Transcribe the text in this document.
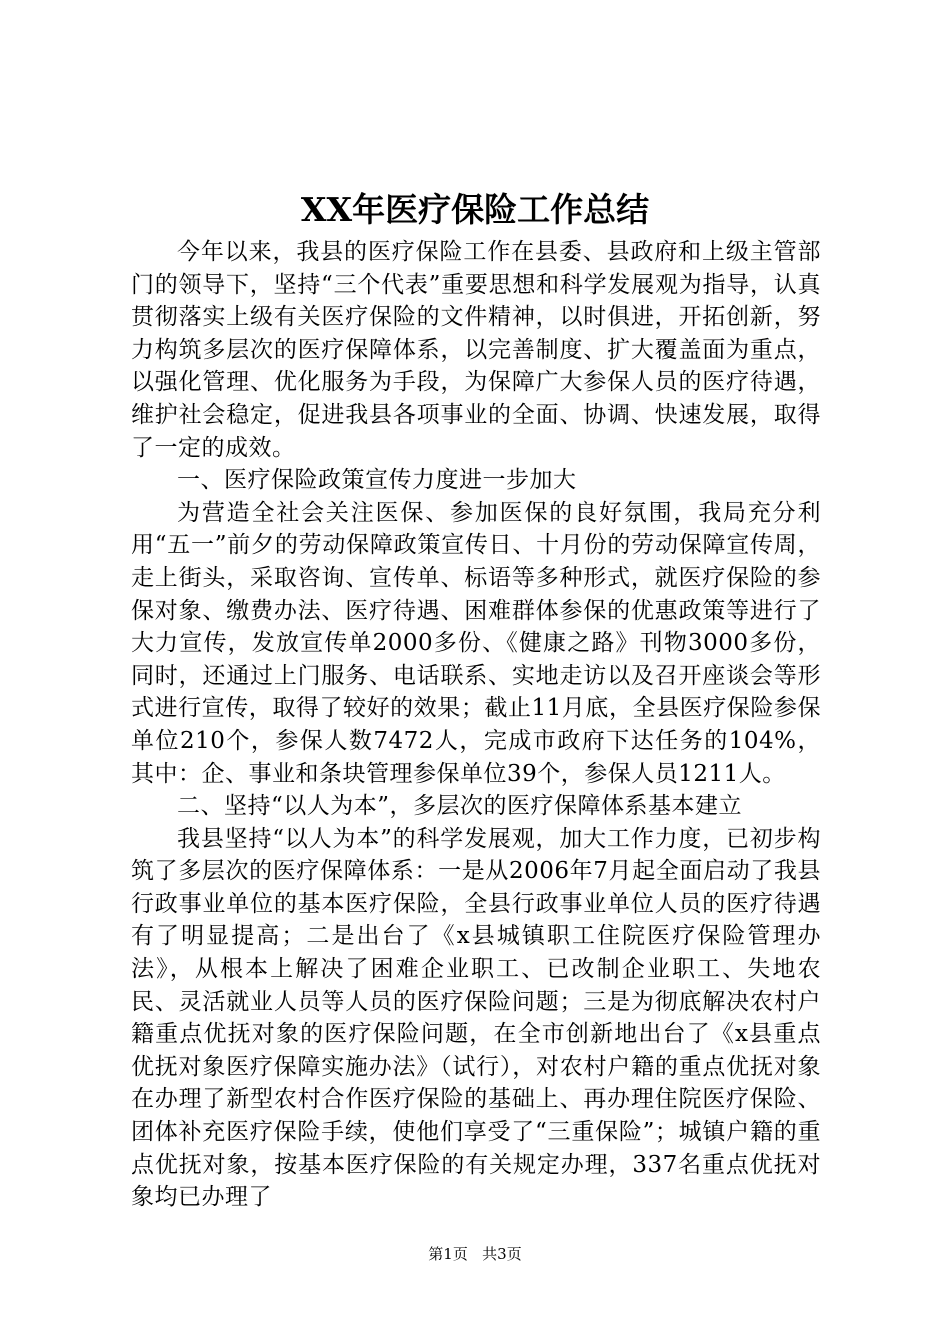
XX年医疗保险工作总结

今年以来，我县的医疗保险工作在县委、县政府和上级主管部门的领导下，坚持“三个代表”重要思想和科学发展观为指导，认真贯彻落实上级有关医疗保险的文件精神，以时俱进，开拓创新，努力构筑多层次的医疗保障体系，以完善制度、扩大覆盖面为重点，以强化管理、优化服务为手段，为保障广大参保人员的医疗待遇，维护社会稳定，促进我县各项事业的全面、协调、快速发展，取得了一定的成效。

一、医疗保险政策宣传力度进一步加大

为营造全社会关注医保、参加医保的良好氛围，我局充分利用“五一”前夕的劳动保障政策宣传日、十月份的劳动保障宣传周，走上街头，采取咨询、宣传单、标语等多种形式，就医疗保险的参保对象、缴费办法、医疗待遇、困难群体参保的优惠政策等进行了大力宣传，发放宣传单2000多份、《健康之路》刊物3000多份，同时，还通过上门服务、电话联系、实地走访以及召开座谈会等形式进行宣传，取得了较好的效果；截止11月底，全县医疗保险参保单位210个，参保人数7472人，完成市政府下达任务的104%，其中：企、事业和条块管理参保单位39个，参保人员1211人。

二、坚持“以人为本”，多层次的医疗保障体系基本建立

我县坚持“以人为本”的科学发展观，加大工作力度，已初步构筑了多层次的医疗保障体系：一是从2006年7月起全面启动了我县行政事业单位的基本医疗保险，全县行政事业单位人员的医疗待遇有了明显提高；二是出台了《x县城镇职工住院医疗保险管理办法》，从根本上解决了困难企业职工、已改制企业职工、失地农民、灵活就业人员等人员的医疗保险问题；三是为彻底解决农村户籍重点优抚对象的医疗保险问题，在全市创新地出台了《x县重点优抚对象医疗保障实施办法》（试行），对农村户籍的重点优抚对象在办理了新型农村合作医疗保险的基础上、再办理住院医疗保险、团体补充医疗保险手续，使他们享受了“三重保险”；城镇户籍的重点优抚对象，按基本医疗保险的有关规定办理，337名重点优抚对象均已办理了

第1页 共3页
